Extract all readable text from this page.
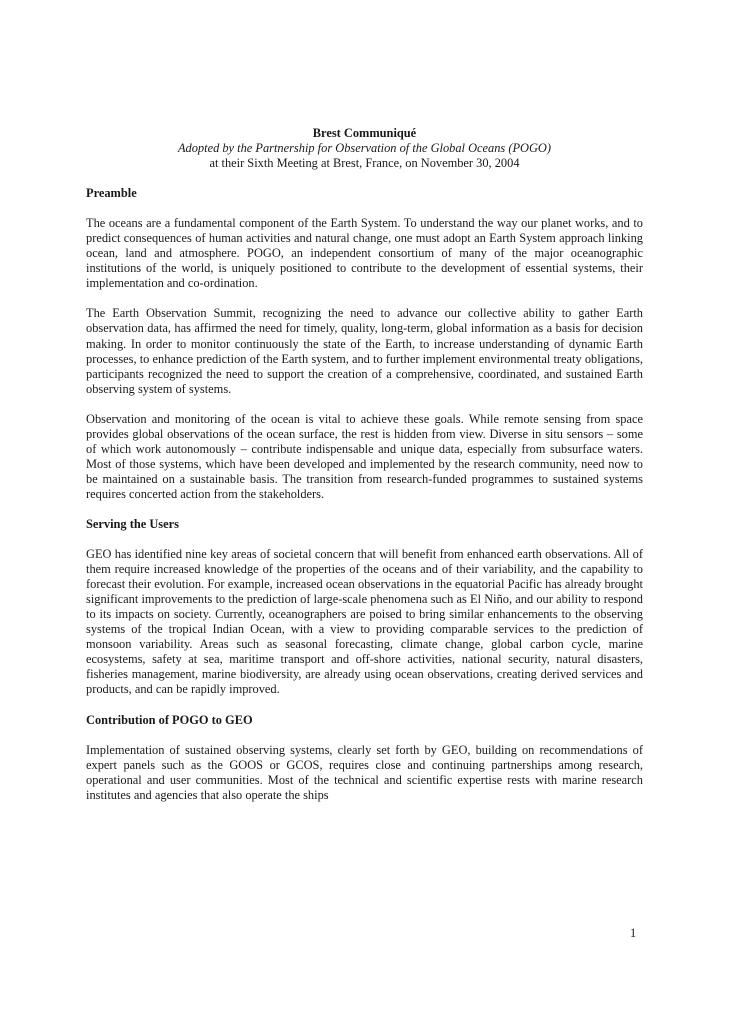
Brest Communiqué
Adopted by the Partnership for Observation of the Global Oceans (POGO)
at their Sixth Meeting at Brest, France, on November 30, 2004
Preamble

The oceans are a fundamental component of the Earth System. To understand the way our planet works, and to predict consequences of human activities and natural change, one must adopt an Earth System approach linking ocean, land and atmosphere. POGO, an independent consortium of many of the major oceanographic institutions of the world, is uniquely positioned to contribute to the development of essential systems, their implementation and co-ordination.

The Earth Observation Summit, recognizing the need to advance our collective ability to gather Earth observation data, has affirmed the need for timely, quality, long-term, global information as a basis for decision making. In order to monitor continuously the state of the Earth, to increase understanding of dynamic Earth processes, to enhance prediction of the Earth system, and to further implement environmental treaty obligations, participants recognized the need to support the creation of a comprehensive, coordinated, and sustained Earth observing system of systems.

Observation and monitoring of the ocean is vital to achieve these goals. While remote sensing from space provides global observations of the ocean surface, the rest is hidden from view. Diverse in situ sensors – some of which work autonomously – contribute indispensable and unique data, especially from subsurface waters. Most of those systems, which have been developed and implemented by the research community, need now to be maintained on a sustainable basis. The transition from research-funded programmes to sustained systems requires concerted action from the stakeholders.

Serving the Users

GEO has identified nine key areas of societal concern that will benefit from enhanced earth observations. All of them require increased knowledge of the properties of the oceans and of their variability, and the capability to forecast their evolution. For example, increased ocean observations in the equatorial Pacific has already brought significant improvements to the prediction of large-scale phenomena such as El Niño, and our ability to respond to its impacts on society. Currently, oceanographers are poised to bring similar enhancements to the observing systems of the tropical Indian Ocean, with a view to providing comparable services to the prediction of monsoon variability. Areas such as seasonal forecasting, climate change, global carbon cycle, marine ecosystems, safety at sea, maritime transport and off-shore activities, national security, natural disasters, fisheries management, marine biodiversity, are already using ocean observations, creating derived services and products, and can be rapidly improved.

Contribution of POGO to GEO

Implementation of sustained observing systems, clearly set forth by GEO, building on recommendations of expert panels such as the GOOS or GCOS, requires close and continuing partnerships among research, operational and user communities. Most of the technical and scientific expertise rests with marine research institutes and agencies that also operate the ships

1
